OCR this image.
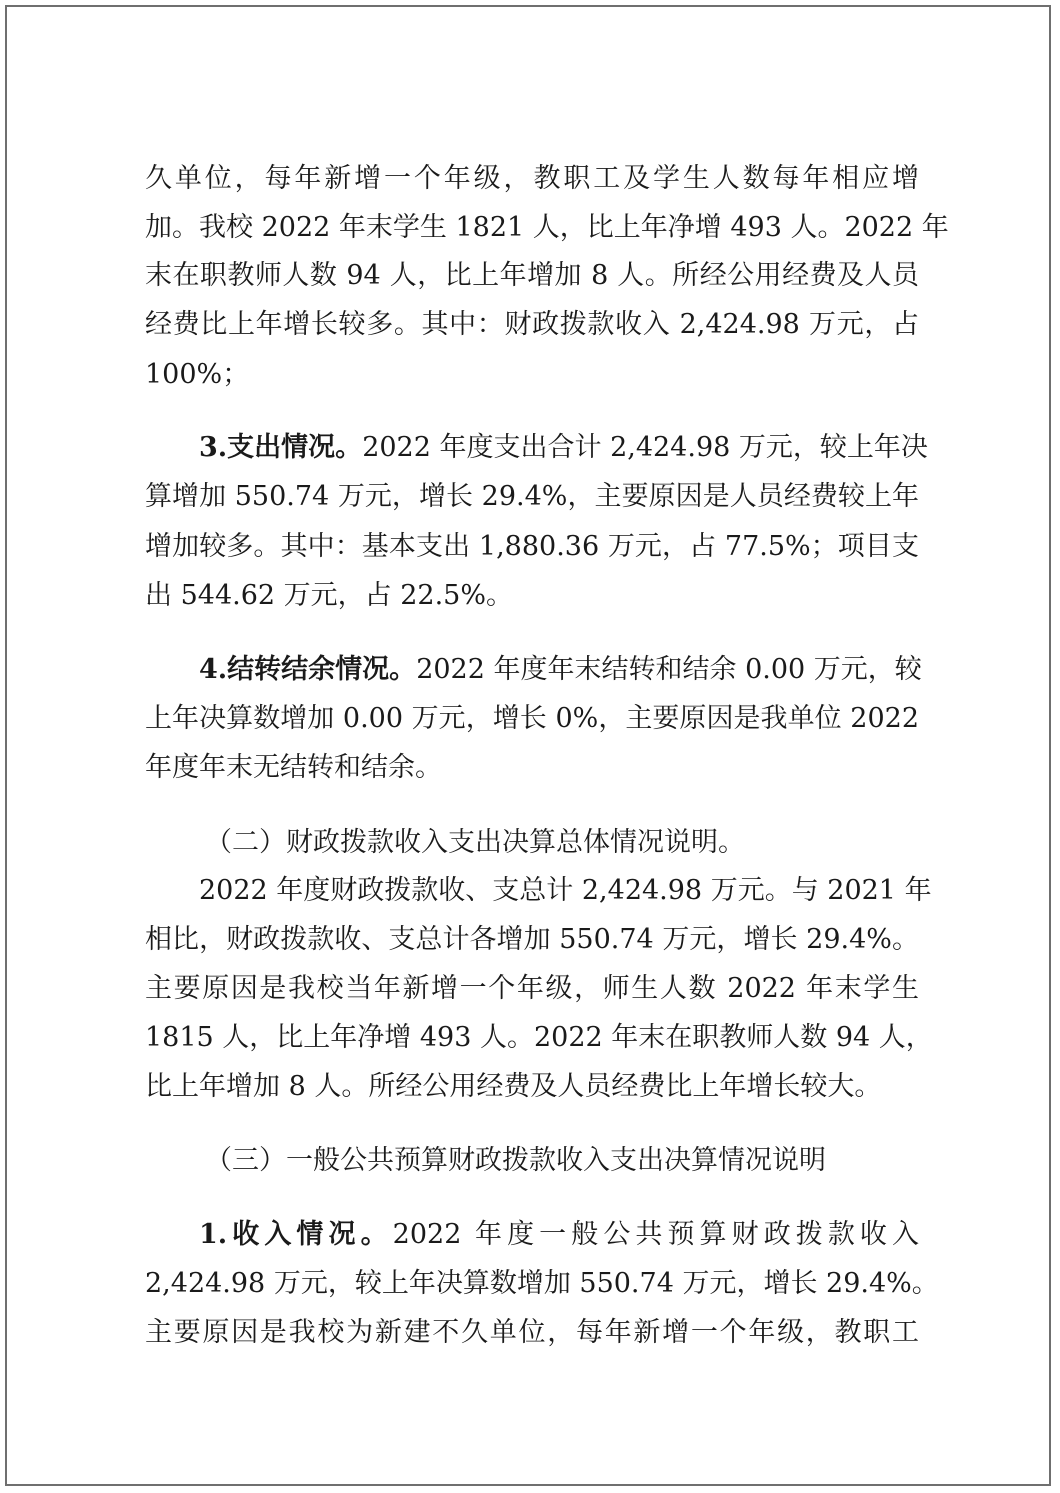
久单位，每年新增一个年级，教职工及学生人数每年相应增
加。我校 2022 年末学生 1821 人，比上年净增 493 人。2022 年
末在职教师人数 94 人，比上年增加 8 人。所经公用经费及人员
经费比上年增长较多。其中：财政拨款收入 2,424.98 万元，占
100%；
3.支出情况。2022 年度支出合计 2,424.98 万元，较上年决
算增加 550.74 万元，增长 29.4%，主要原因是人员经费较上年
增加较多。其中：基本支出 1,880.36 万元，占 77.5%；项目支
出 544.62 万元，占 22.5%。
4.结转结余情况。2022 年度年末结转和结余 0.00 万元，较
上年决算数增加 0.00 万元，增长 0%，主要原因是我单位 2022
年度年末无结转和结余。
（二）财政拨款收入支出决算总体情况说明。
2022 年度财政拨款收、支总计 2,424.98 万元。与 2021 年
相比，财政拨款收、支总计各增加 550.74 万元，增长 29.4%。
主要原因是我校当年新增一个年级，师生人数 2022 年末学生
1815 人，比上年净增 493 人。2022 年末在职教师人数 94 人，
比上年增加 8 人。所经公用经费及人员经费比上年增长较大。
（三）一般公共预算财政拨款收入支出决算情况说明
1.收入情况。2022 年度一般公共预算财政拨款收入
2,424.98 万元，较上年决算数增加 550.74 万元，增长 29.4%。
主要原因是我校为新建不久单位，每年新增一个年级，教职工
